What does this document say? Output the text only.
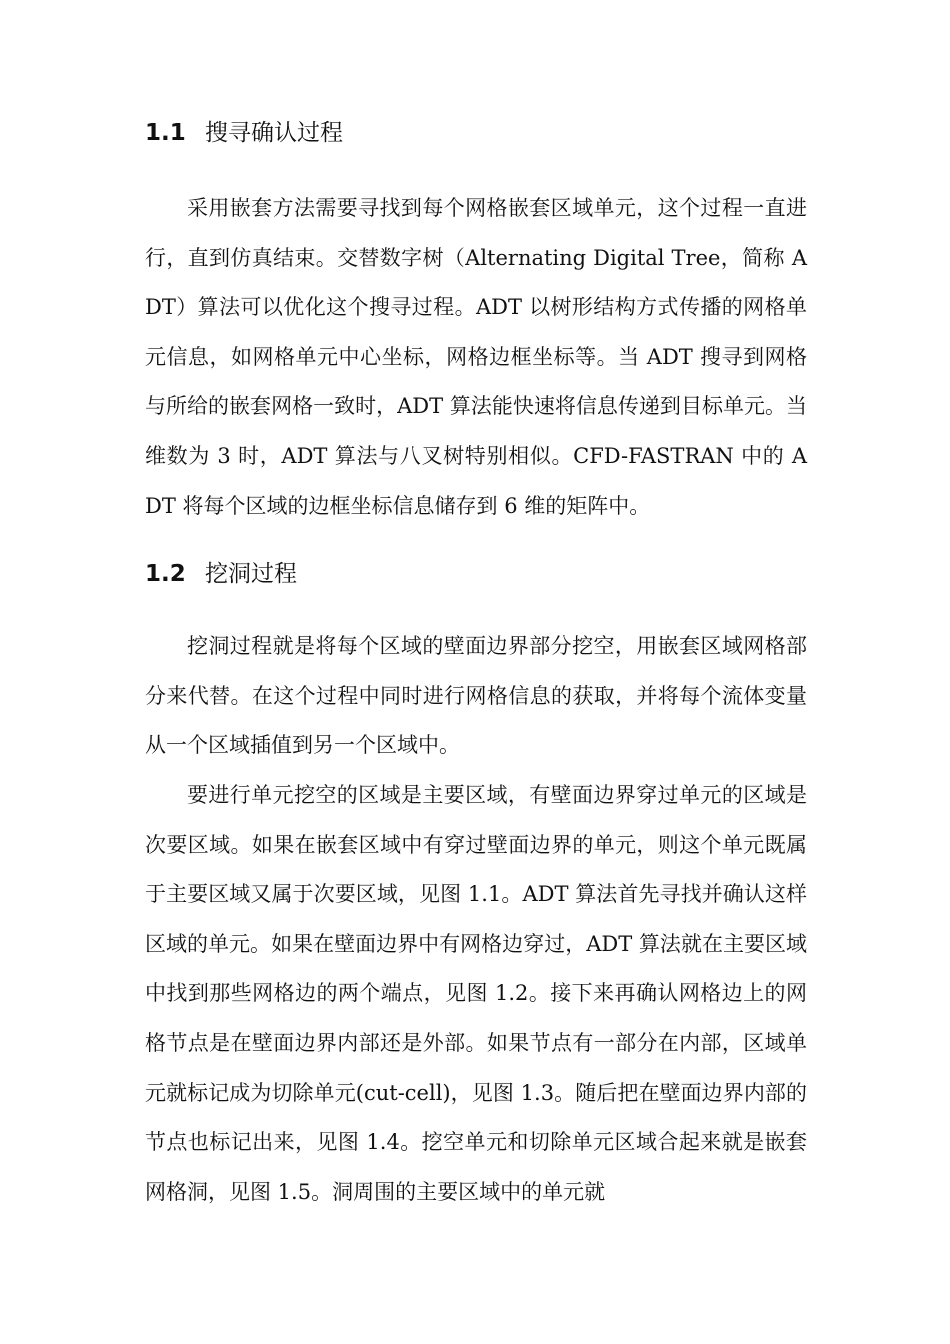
1.1 搜寻确认过程

采用嵌套方法需要寻找到每个网格嵌套区域单元，这个过程一直进行，直到仿真结束。交替数字树（Alternating Digital Tree，简称 ADT）算法可以优化这个搜寻过程。ADT 以树形结构方式传播的网格单元信息，如网格单元中心坐标，网格边框坐标等。当 ADT 搜寻到网格与所给的嵌套网格一致时，ADT 算法能快速将信息传递到目标单元。当维数为 3 时，ADT 算法与八叉树特别相似。CFD-FASTRAN 中的 ADT 将每个区域的边框坐标信息储存到 6 维的矩阵中。

1.2 挖洞过程

挖洞过程就是将每个区域的壁面边界部分挖空，用嵌套区域网格部分来代替。在这个过程中同时进行网格信息的获取，并将每个流体变量从一个区域插值到另一个区域中。

要进行单元挖空的区域是主要区域，有壁面边界穿过单元的区域是次要区域。如果在嵌套区域中有穿过壁面边界的单元，则这个单元既属于主要区域又属于次要区域，见图 1.1。ADT 算法首先寻找并确认这样区域的单元。如果在壁面边界中有网格边穿过，ADT 算法就在主要区域中找到那些网格边的两个端点，见图 1.2。接下来再确认网格边上的网格节点是在壁面边界内部还是外部。如果节点有一部分在内部，区域单元就标记成为切除单元(cut-cell)，见图 1.3。随后把在壁面边界内部的节点也标记出来，见图 1.4。挖空单元和切除单元区域合起来就是嵌套网格洞，见图 1.5。洞周围的主要区域中的单元就
